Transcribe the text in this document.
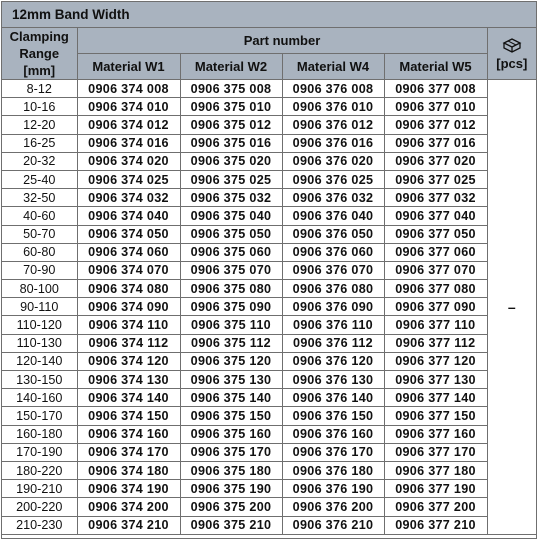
12mm Band Width
Clamping
Range [mm]	Part number				[pcs]

	Material W1	Material W2	Material W4	Material W5	
8-12	0906 374 008	0906 375 008	0906 376 008	0906 377 008	–
10-16	0906 374 010	0906 375 010	0906 376 010	0906 377 010	
12-20	0906 374 012	0906 375 012	0906 376 012	0906 377 012	
16-25	0906 374 016	0906 375 016	0906 376 016	0906 377 016	
20-32	0906 374 020	0906 375 020	0906 376 020	0906 377 020	
25-40	0906 374 025	0906 375 025	0906 376 025	0906 377 025	
32-50	0906 374 032	0906 375 032	0906 376 032	0906 377 032	
40-60	0906 374 040	0906 375 040	0906 376 040	0906 377 040	
50-70	0906 374 050	0906 375 050	0906 376 050	0906 377 050	
60-80	0906 374 060	0906 375 060	0906 376 060	0906 377 060	
70-90	0906 374 070	0906 375 070	0906 376 070	0906 377 070	
80-100	0906 374 080	0906 375 080	0906 376 080	0906 377 080	
90-110	0906 374 090	0906 375 090	0906 376 090	0906 377 090	
110-120	0906 374 110	0906 375 110	0906 376 110	0906 377 110	
110-130	0906 374 112	0906 375 112	0906 376 112	0906 377 112	
120-140	0906 374 120	0906 375 120	0906 376 120	0906 377 120	
130-150	0906 374 130	0906 375 130	0906 376 130	0906 377 130	
140-160	0906 374 140	0906 375 140	0906 376 140	0906 377 140	
150-170	0906 374 150	0906 375 150	0906 376 150	0906 377 150	
160-180	0906 374 160	0906 375 160	0906 376 160	0906 377 160	
170-190	0906 374 170	0906 375 170	0906 376 170	0906 377 170	
180-220	0906 374 180	0906 375 180	0906 376 180	0906 377 180	
190-210	0906 374 190	0906 375 190	0906 376 190	0906 377 190	
200-220	0906 374 200	0906 375 200	0906 376 200	0906 377 200	
210-230	0906 374 210	0906 375 210	0906 376 210	0906 377 210	
